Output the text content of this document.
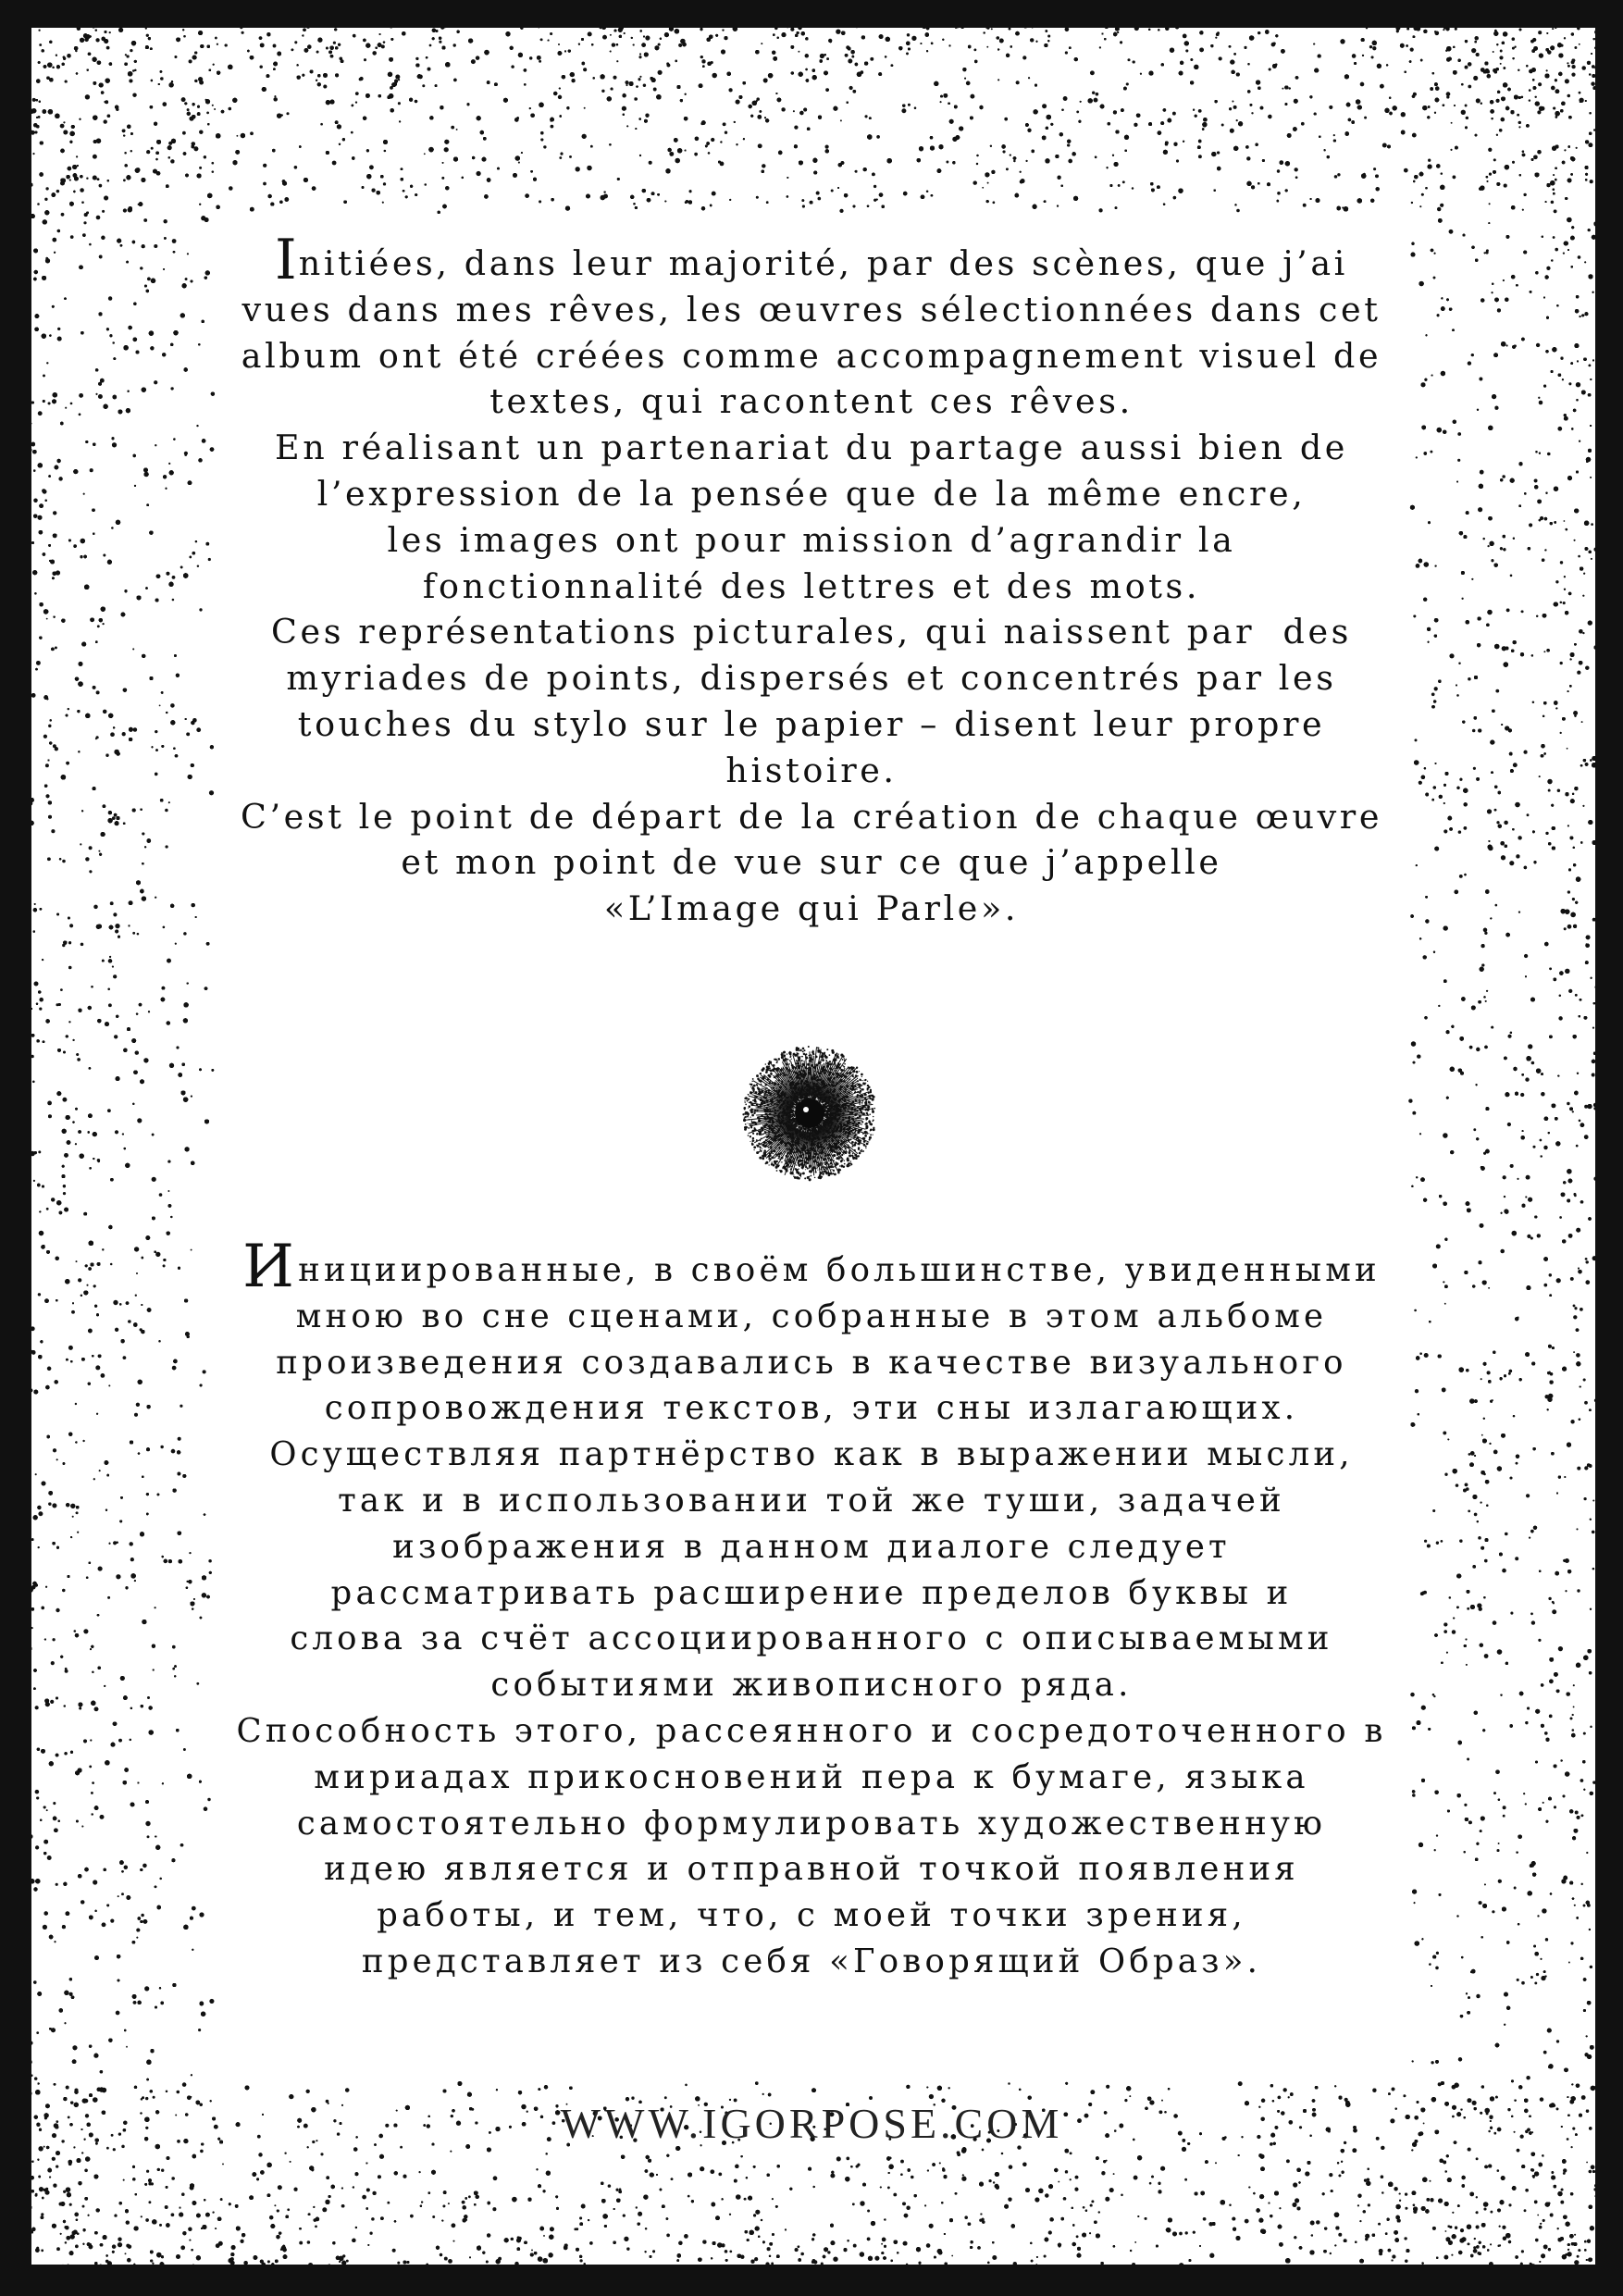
Initiées, dans leur majorité, par des scènes, que j’ai
vues dans mes rêves, les œuvres sélectionnées dans cet
album ont été créées comme accompagnement visuel de
textes, qui racontent ces rêves.
En réalisant un partenariat du partage aussi bien de
l’expression de la pensée que de la même encre,
les images ont pour mission d’agrandir la
fonctionnalité des lettres et des mots.
Ces représentations picturales, qui naissent par  des
myriades de points, dispersés et concentrés par les
touches du stylo sur le papier – disent leur propre
histoire.
C’est le point de départ de la création de chaque œuvre
et mon point de vue sur ce que j’appelle
«L’Image qui Parle».
Инициированные, в своём большинстве, увиденными
мною во сне сценами, собранные в этом альбоме
произведения создавались в качестве визуального
сопровождения текстов, эти сны излагающих.
Осуществляя партнёрство как в выражении мысли,
так и в использовании той же туши, задачей
изображения в данном диалоге следует
рассматривать расширение пределов буквы и
слова за счёт ассоциированного с описываемыми
событиями живописного ряда.
Способность этого, рассеянного и сосредоточенного в
мириадах прикосновений пера к бумаге, языка
самостоятельно формулировать художественную
идею является и отправной точкой появления
работы, и тем, что, с моей точки зрения,
представляет из себя «Говорящий Образ».
WWW.IGORPOSE.COM
